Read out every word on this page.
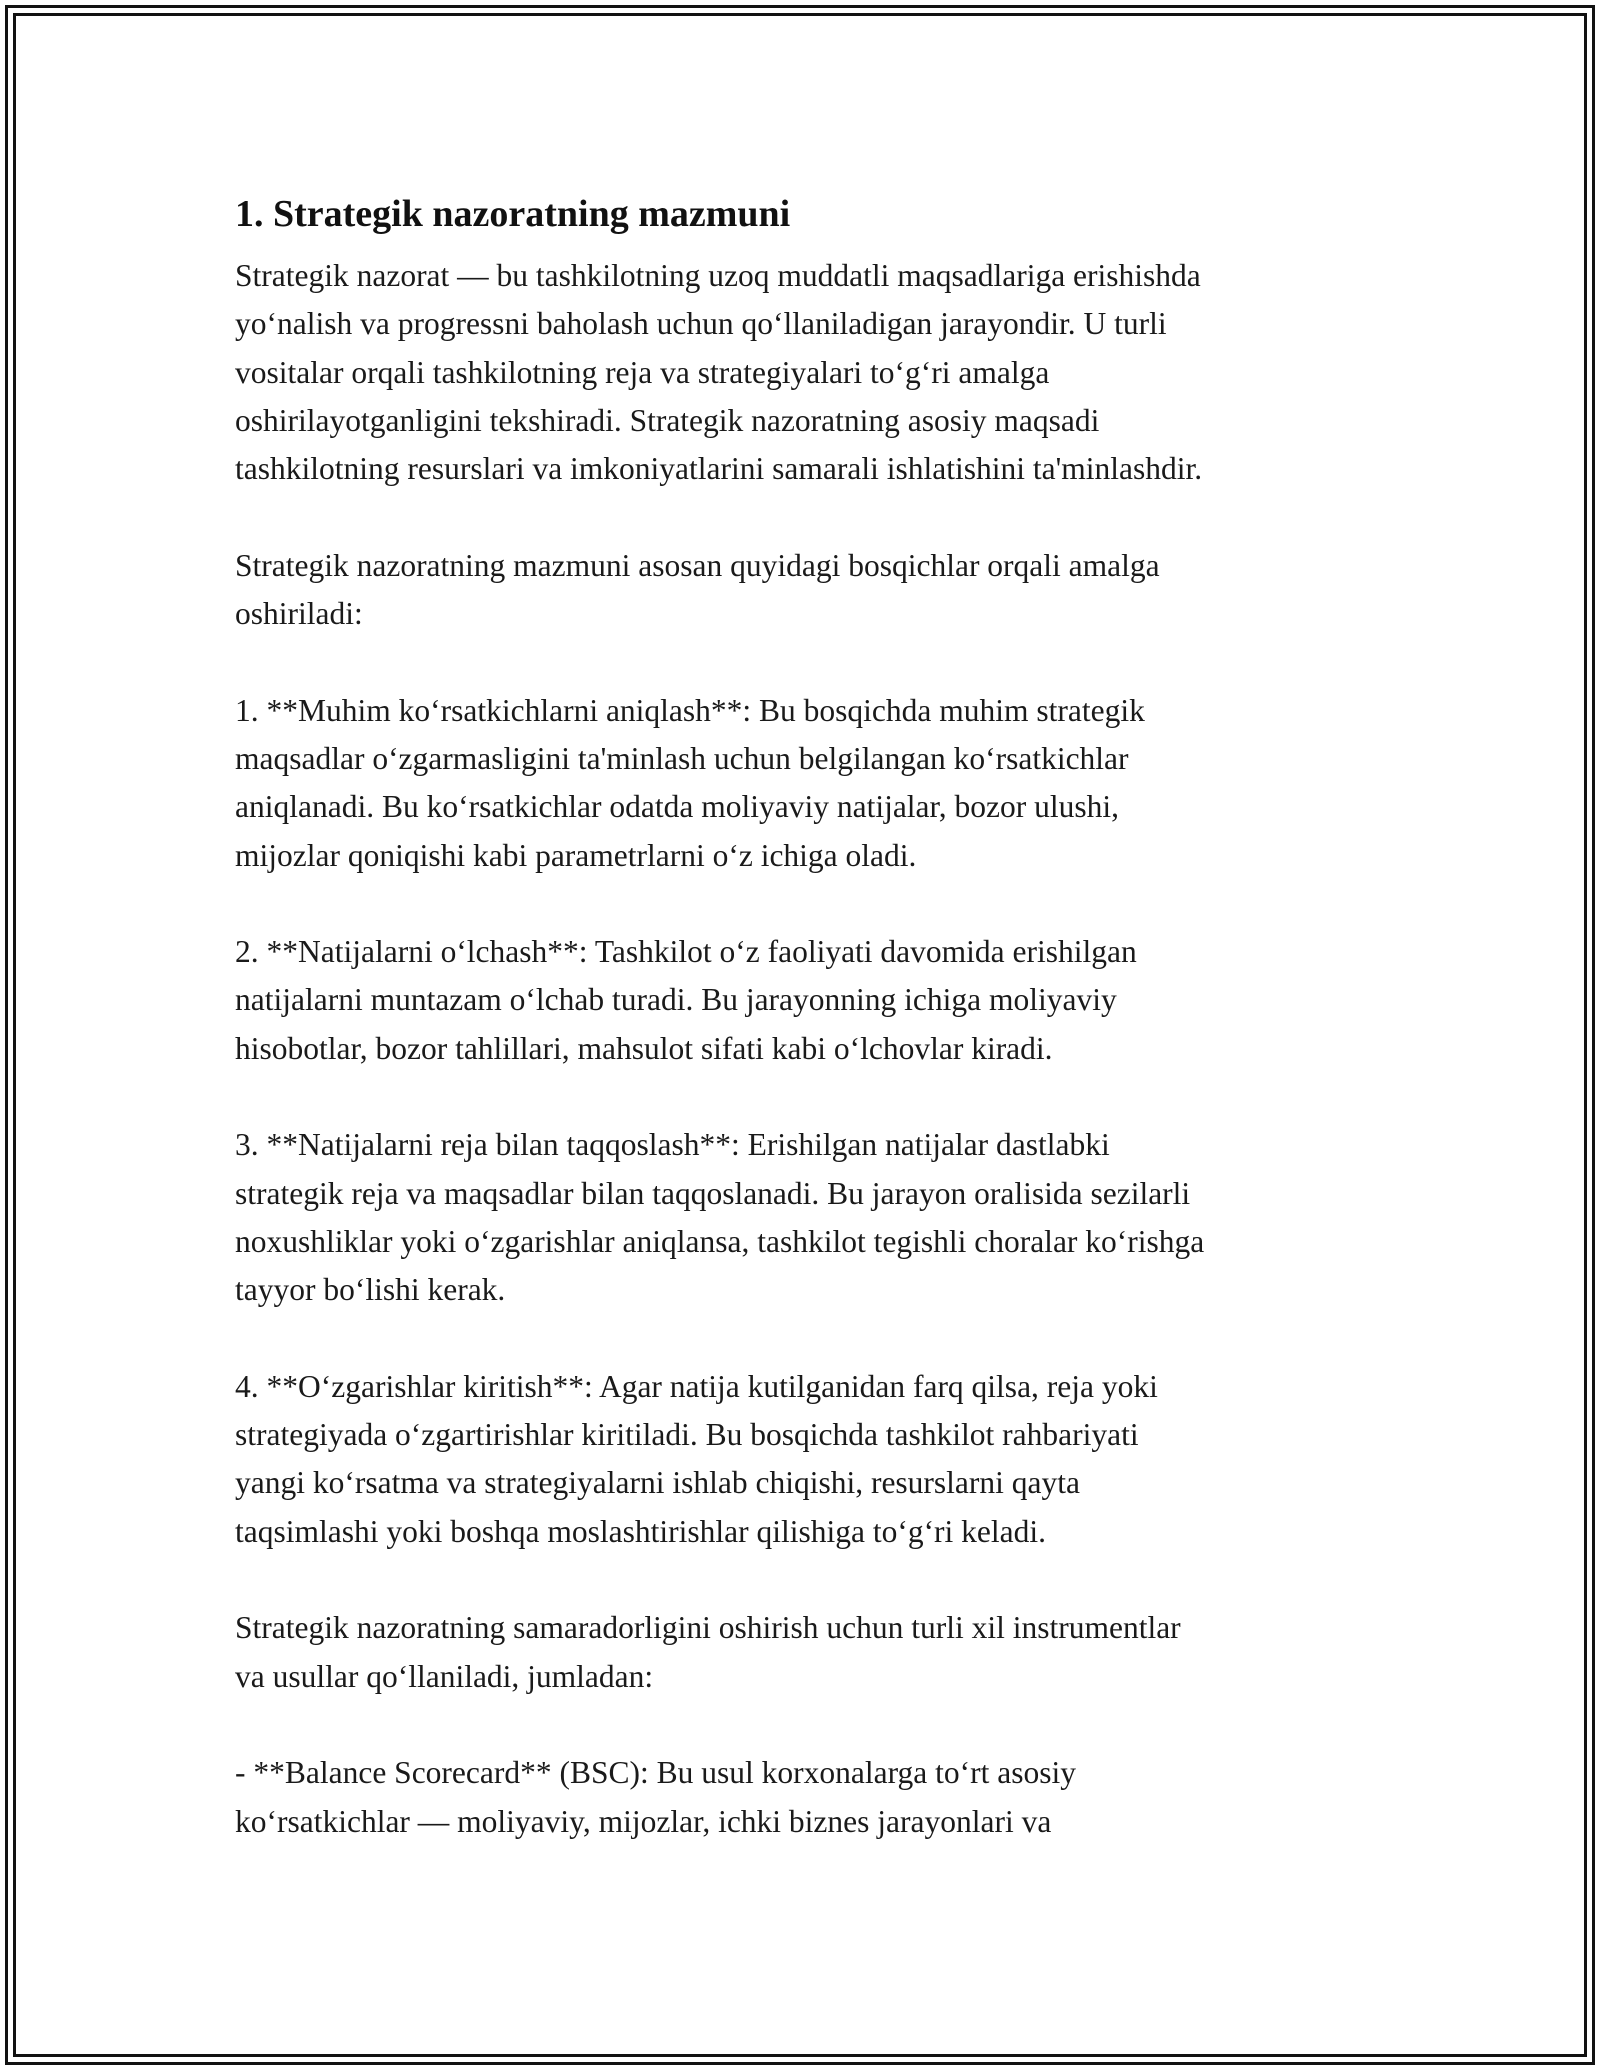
1. Strategik nazoratning mazmuni

Strategik nazorat — bu tashkilotning uzoq muddatli maqsadlariga erishishda
yo‘nalish va progressni baholash uchun qo‘llaniladigan jarayondir. U turli
vositalar orqali tashkilotning reja va strategiyalari to‘g‘ri amalga
oshirilayotganligini tekshiradi. Strategik nazoratning asosiy maqsadi
tashkilotning resurslari va imkoniyatlarini samarali ishlatishini ta'minlashdir.

Strategik nazoratning mazmuni asosan quyidagi bosqichlar orqali amalga
oshiriladi:

1. **Muhim ko‘rsatkichlarni aniqlash**: Bu bosqichda muhim strategik
maqsadlar o‘zgarmasligini ta'minlash uchun belgilangan ko‘rsatkichlar
aniqlanadi. Bu ko‘rsatkichlar odatda moliyaviy natijalar, bozor ulushi,
mijozlar qoniqishi kabi parametrlarni o‘z ichiga oladi.

2. **Natijalarni o‘lchash**: Tashkilot o‘z faoliyati davomida erishilgan
natijalarni muntazam o‘lchab turadi. Bu jarayonning ichiga moliyaviy
hisobotlar, bozor tahlillari, mahsulot sifati kabi o‘lchovlar kiradi.

3. **Natijalarni reja bilan taqqoslash**: Erishilgan natijalar dastlabki
strategik reja va maqsadlar bilan taqqoslanadi. Bu jarayon oralisida sezilarli
noxushliklar yoki o‘zgarishlar aniqlansa, tashkilot tegishli choralar ko‘rishga
tayyor bo‘lishi kerak.

4. **O‘zgarishlar kiritish**: Agar natija kutilganidan farq qilsa, reja yoki
strategiyada o‘zgartirishlar kiritiladi. Bu bosqichda tashkilot rahbariyati
yangi ko‘rsatma va strategiyalarni ishlab chiqishi, resurslarni qayta
taqsimlashi yoki boshqa moslashtirishlar qilishiga to‘g‘ri keladi.

Strategik nazoratning samaradorligini oshirish uchun turli xil instrumentlar
va usullar qo‘llaniladi, jumladan:

- **Balance Scorecard** (BSC): Bu usul korxonalarga to‘rt asosiy
ko‘rsatkichlar — moliyaviy, mijozlar, ichki biznes jarayonlari va
